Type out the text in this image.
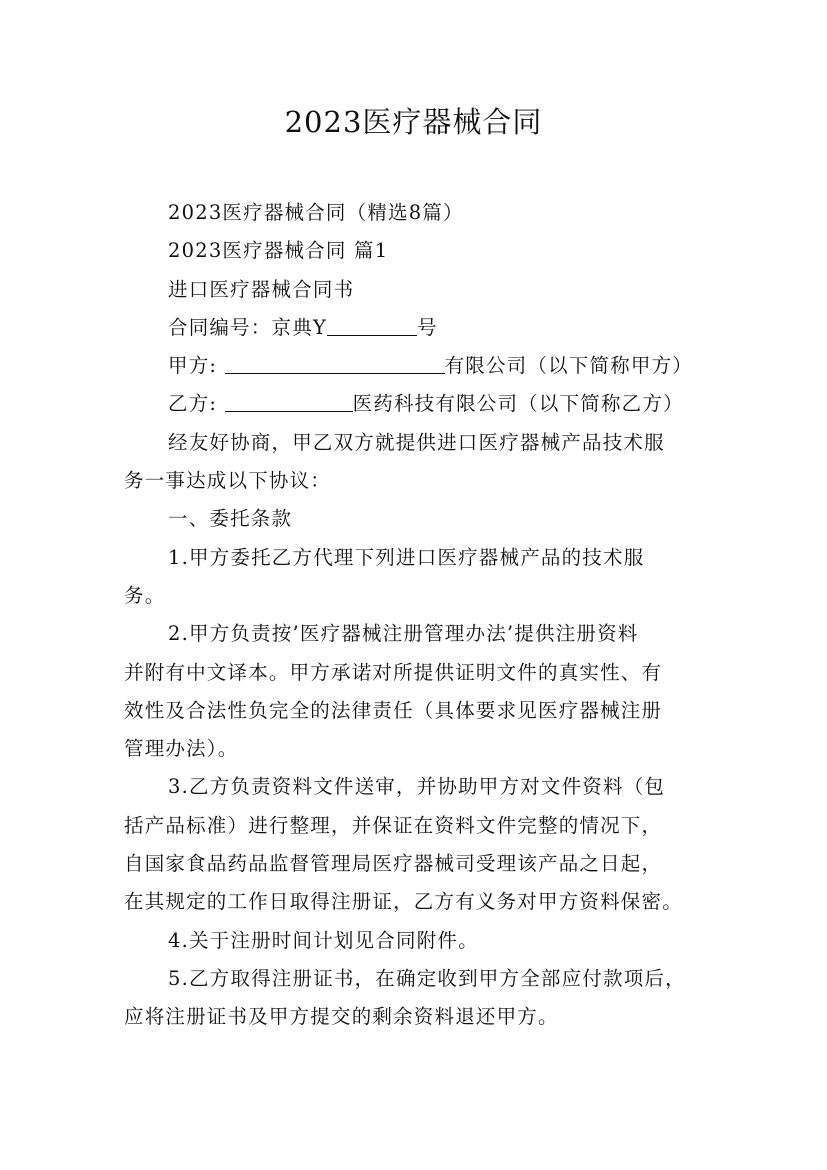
2023医疗器械合同
2023医疗器械合同（精选8篇）
2023医疗器械合同 篇1
进口医疗器械合同书
合同编号：京典Y	号
甲方:	有限公司（以下简称甲方）
乙方:	医药科技有限公司（以下简称乙方）
经友好协商，甲乙双方就提供进口医疗器械产品技术服
务一事达成以下协议：
一、委托条款
1.甲方委托乙方代理下列进口医疗器械产品的技术服
务。
2.甲方负责按’医疗器械注册管理办法’提供注册资料
并附有中文译本。甲方承诺对所提供证明文件的真实性、有
效性及合法性负完全的法律责任（具体要求见医疗器械注册
管理办法）。
3.乙方负责资料文件送审，并协助甲方对文件资料（包
括产品标准）进行整理，并保证在资料文件完整的情况下，
自国家食品药品监督管理局医疗器械司受理该产品之日起，
在其规定的工作日取得注册证，乙方有义务对甲方资料保密。
4.关于注册时间计划见合同附件。
5.乙方取得注册证书，在确定收到甲方全部应付款项后，
应将注册证书及甲方提交的剩余资料退还甲方。
